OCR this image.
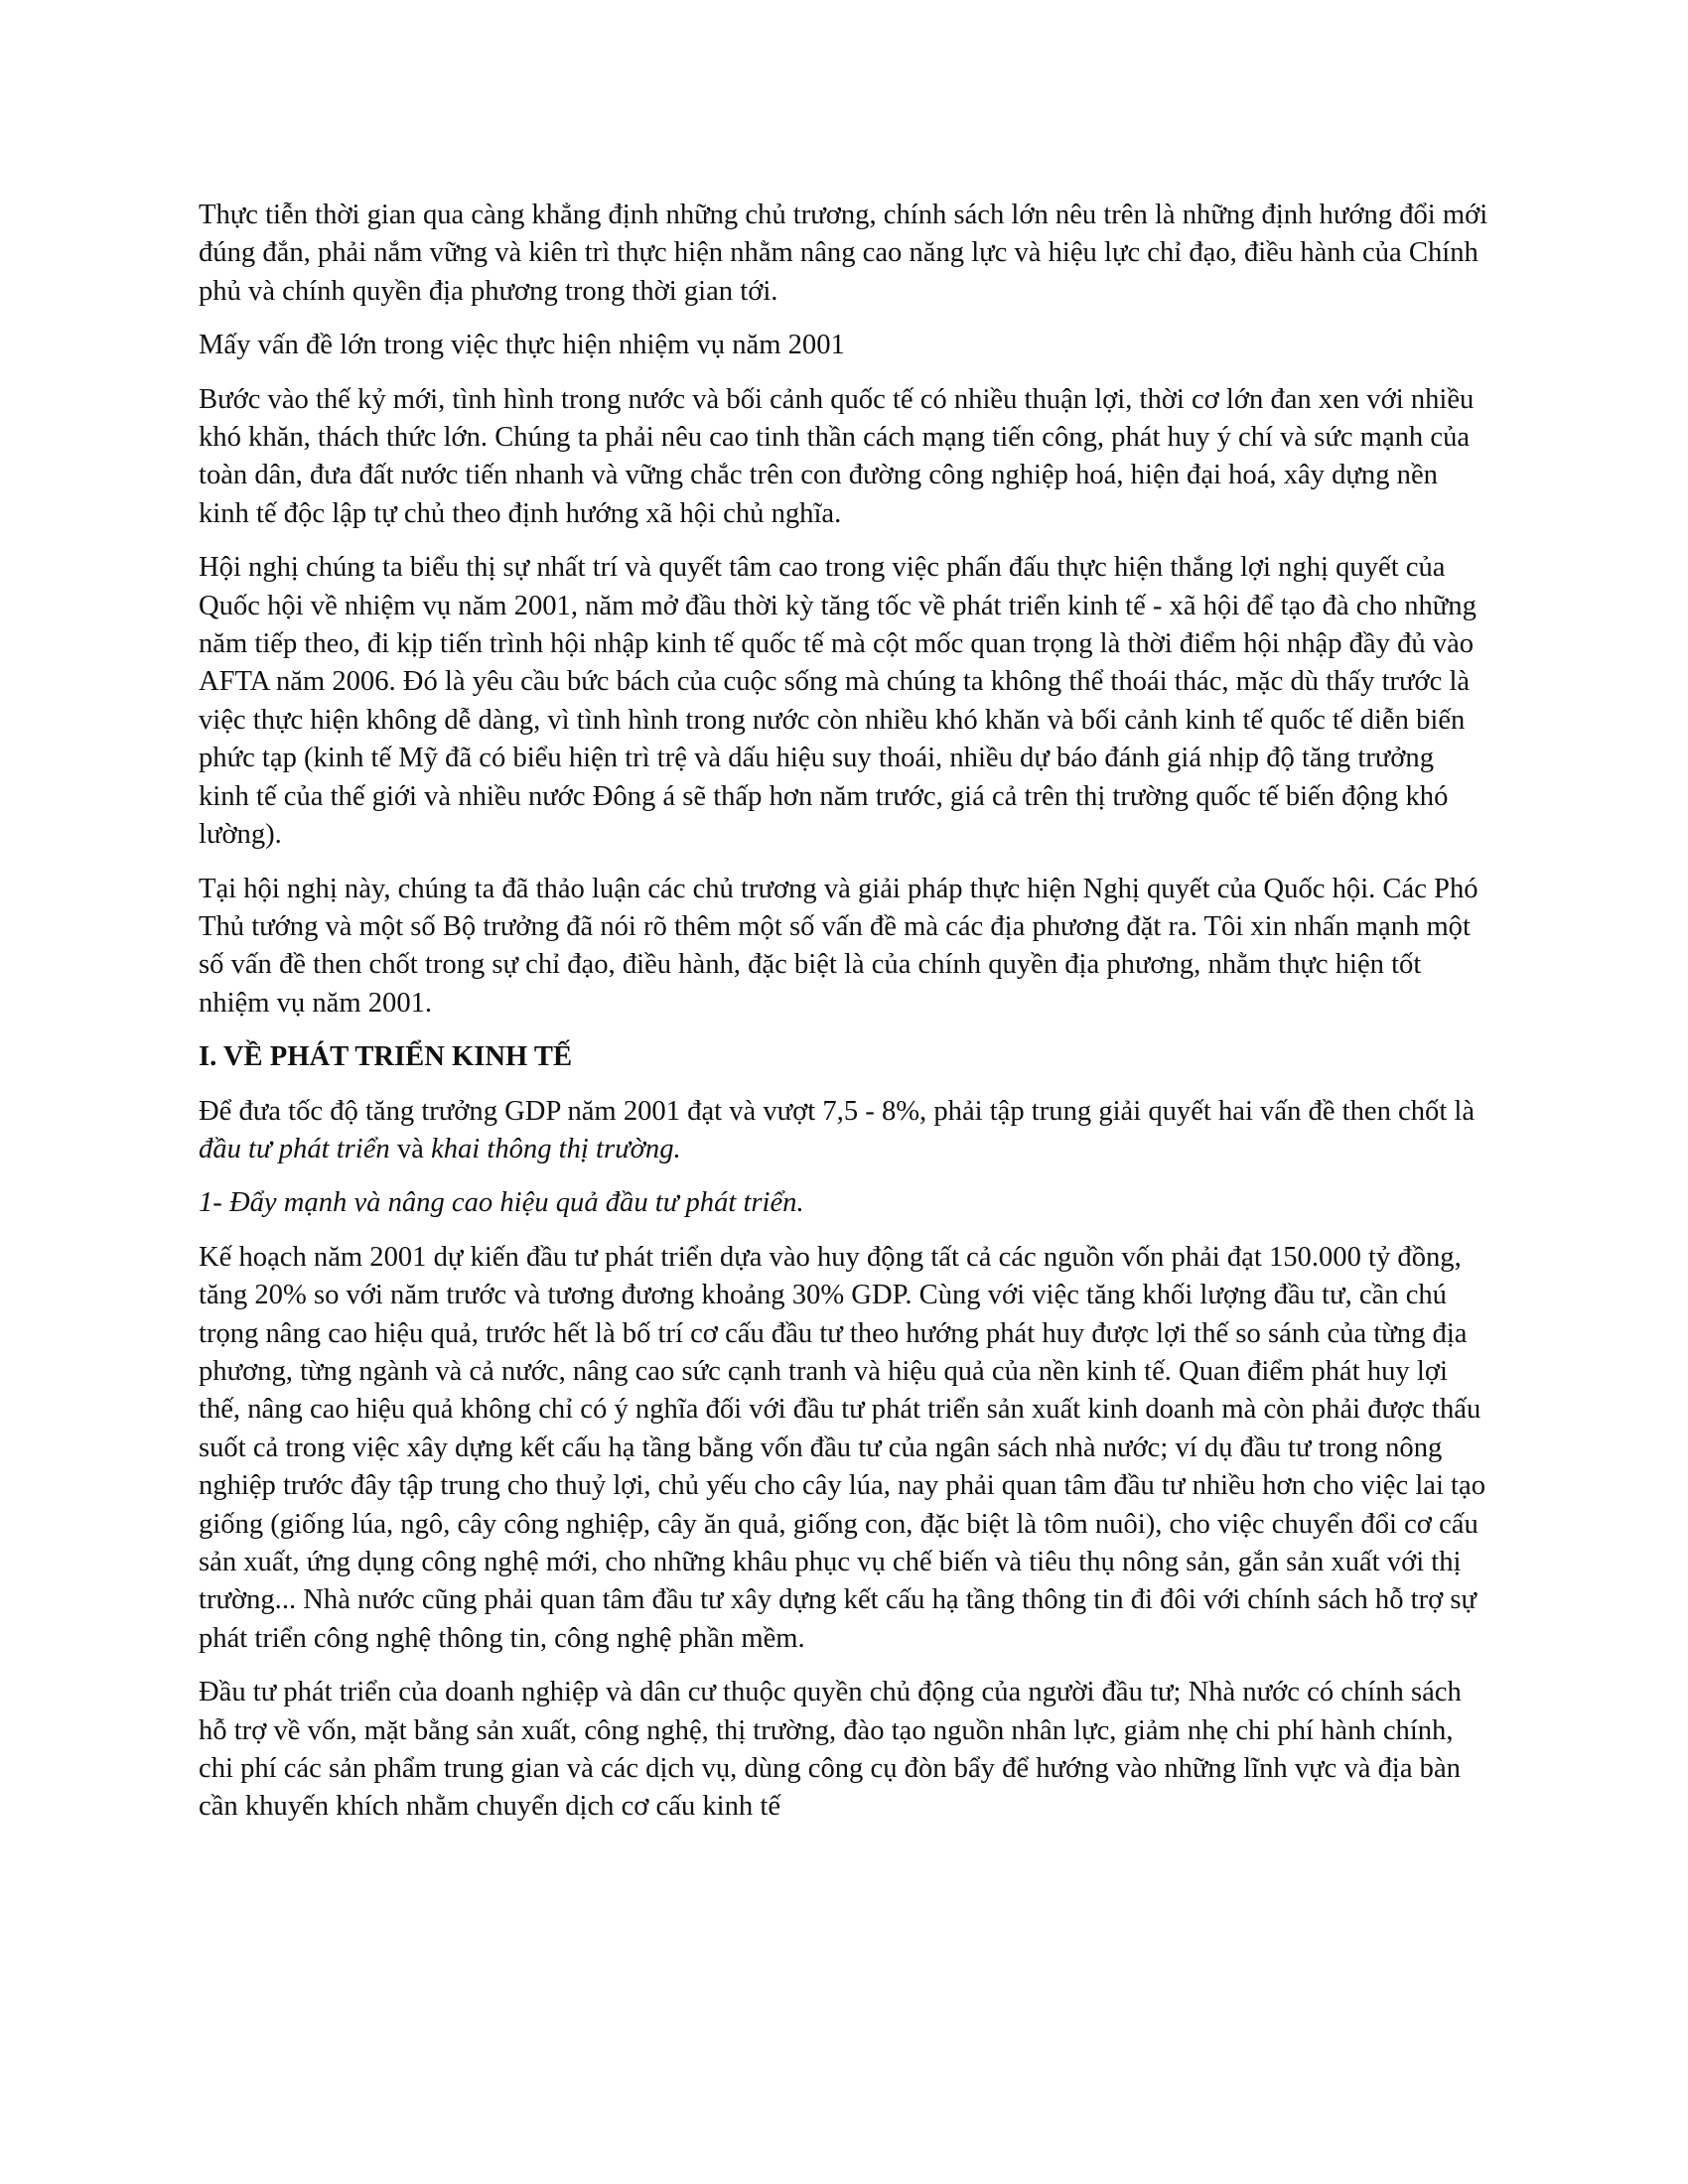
Thực tiễn thời gian qua càng khẳng định những chủ trương, chính sách lớn nêu trên là những định hướng đổi mới đúng đắn, phải nắm vững và kiên trì thực hiện nhằm nâng cao năng lực và hiệu lực chỉ đạo, điều hành của Chính phủ và chính quyền địa phương trong thời gian tới.

Mấy vấn đề lớn trong việc thực hiện nhiệm vụ năm 2001

Bước vào thế kỷ mới, tình hình trong nước và bối cảnh quốc tế có nhiều thuận lợi, thời cơ lớn đan xen với nhiều khó khăn, thách thức lớn. Chúng ta phải nêu cao tinh thần cách mạng tiến công, phát huy ý chí và sức mạnh của toàn dân, đưa đất nước tiến nhanh và vững chắc trên con đường công nghiệp hoá, hiện đại hoá, xây dựng nền kinh tế độc lập tự chủ theo định hướng xã hội chủ nghĩa.

Hội nghị chúng ta biểu thị sự nhất trí và quyết tâm cao trong việc phấn đấu thực hiện thắng lợi nghị quyết của Quốc hội về nhiệm vụ năm 2001, năm mở đầu thời kỳ tăng tốc về phát triển kinh tế - xã hội để tạo đà cho những năm tiếp theo, đi kịp tiến trình hội nhập kinh tế quốc tế mà cột mốc quan trọng là thời điểm hội nhập đầy đủ vào AFTA năm 2006. Đó là yêu cầu bức bách của cuộc sống mà chúng ta không thể thoái thác, mặc dù thấy trước là việc thực hiện không dễ dàng, vì tình hình trong nước còn nhiều khó khăn và bối cảnh kinh tế quốc tế diễn biến phức tạp (kinh tế Mỹ đã có biểu hiện trì trệ và dấu hiệu suy thoái, nhiều dự báo đánh giá nhịp độ tăng trưởng kinh tế của thế giới và nhiều nước Đông á sẽ thấp hơn năm trước, giá cả trên thị trường quốc tế biến động khó lường).

Tại hội nghị này, chúng ta đã thảo luận các chủ trương và giải pháp thực hiện Nghị quyết của Quốc hội. Các Phó Thủ tướng và một số Bộ trưởng đã nói rõ thêm một số vấn đề mà các địa phương đặt ra. Tôi xin nhấn mạnh một số vấn đề then chốt trong sự chỉ đạo, điều hành, đặc biệt là của chính quyền địa phương, nhằm thực hiện tốt nhiệm vụ năm 2001.

I. VỀ PHÁT TRIỂN KINH TẾ

Để đưa tốc độ tăng trưởng GDP năm 2001 đạt và vượt 7,5 - 8%, phải tập trung giải quyết hai vấn đề then chốt là đầu tư phát triển và khai thông thị trường.

1- Đẩy mạnh và nâng cao hiệu quả đầu tư phát triển.

Kế hoạch năm 2001 dự kiến đầu tư phát triển dựa vào huy động tất cả các nguồn vốn phải đạt 150.000 tỷ đồng, tăng 20% so với năm trước và tương đương khoảng 30% GDP. Cùng với việc tăng khối lượng đầu tư, cần chú trọng nâng cao hiệu quả, trước hết là bố trí cơ cấu đầu tư theo hướng phát huy được lợi thế so sánh của từng địa phương, từng ngành và cả nước, nâng cao sức cạnh tranh và hiệu quả của nền kinh tế. Quan điểm phát huy lợi thế, nâng cao hiệu quả không chỉ có ý nghĩa đối với đầu tư phát triển sản xuất kinh doanh mà còn phải được thấu suốt cả trong việc xây dựng kết cấu hạ tầng bằng vốn đầu tư của ngân sách nhà nước; ví dụ đầu tư trong nông nghiệp trước đây tập trung cho thuỷ lợi, chủ yếu cho cây lúa, nay phải quan tâm đầu tư nhiều hơn cho việc lai tạo giống (giống lúa, ngô, cây công nghiệp, cây ăn quả, giống con, đặc biệt là tôm nuôi), cho việc chuyển đổi cơ cấu sản xuất, ứng dụng công nghệ mới, cho những khâu phục vụ chế biến và tiêu thụ nông sản, gắn sản xuất với thị trường... Nhà nước cũng phải quan tâm đầu tư xây dựng kết cấu hạ tầng thông tin đi đôi với chính sách hỗ trợ sự phát triển công nghệ thông tin, công nghệ phần mềm.

Đầu tư phát triển của doanh nghiệp và dân cư thuộc quyền chủ động của người đầu tư; Nhà nước có chính sách hỗ trợ về vốn, mặt bằng sản xuất, công nghệ, thị trường, đào tạo nguồn nhân lực, giảm nhẹ chi phí hành chính, chi phí các sản phẩm trung gian và các dịch vụ, dùng công cụ đòn bẩy để hướng vào những lĩnh vực và địa bàn cần khuyến khích nhằm chuyển dịch cơ cấu kinh tế
